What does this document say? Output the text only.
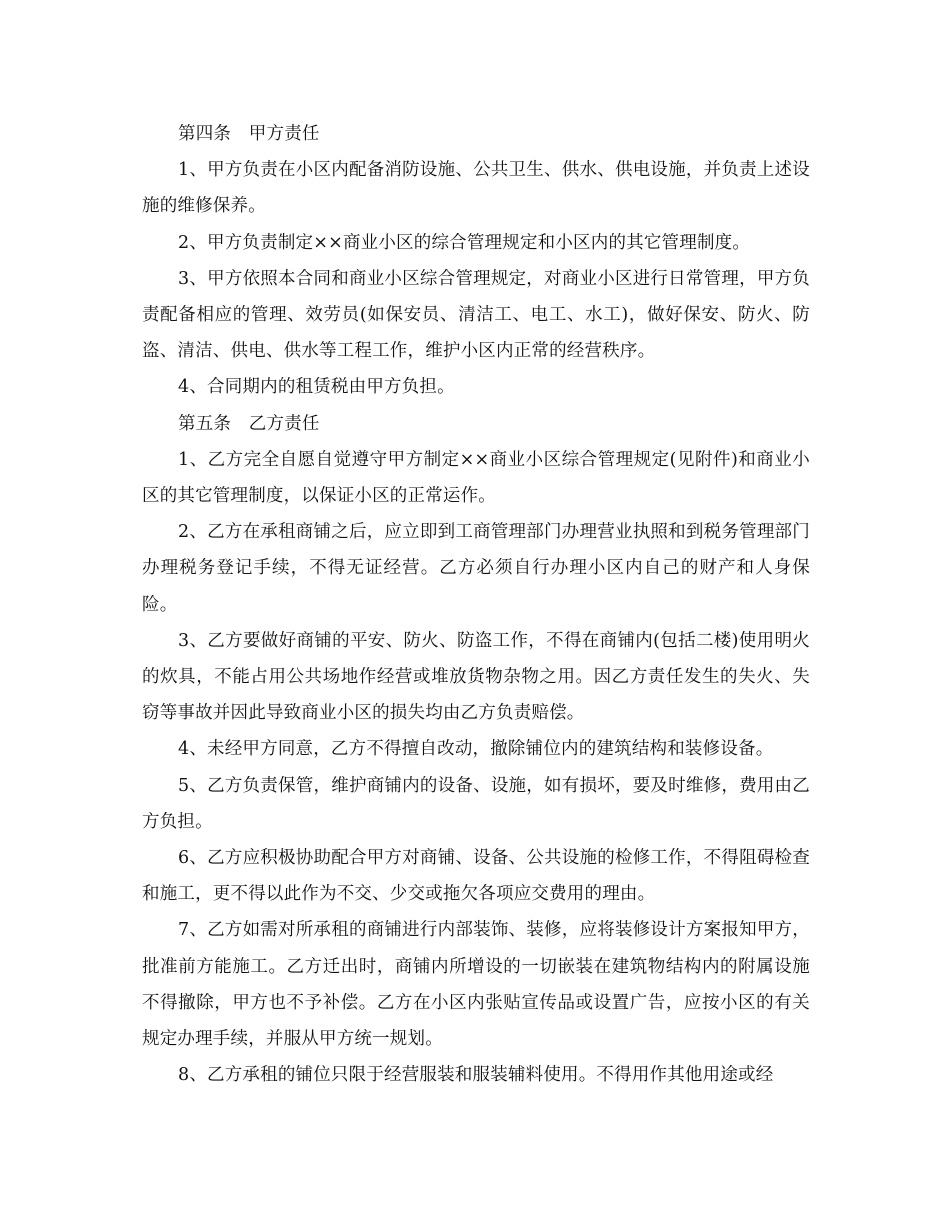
第四条　甲方责任

1、甲方负责在小区内配备消防设施、公共卫生、供水、供电设施，并负责上述设施的维修保养。

2、甲方负责制定××商业小区的综合管理规定和小区内的其它管理制度。

3、甲方依照本合同和商业小区综合管理规定，对商业小区进行日常管理，甲方负责配备相应的管理、效劳员(如保安员、清洁工、电工、水工)，做好保安、防火、防盗、清洁、供电、供水等工程工作，维护小区内正常的经营秩序。

4、合同期内的租赁税由甲方负担。

第五条　乙方责任

1、乙方完全自愿自觉遵守甲方制定××商业小区综合管理规定(见附件)和商业小区的其它管理制度，以保证小区的正常运作。

2、乙方在承租商铺之后，应立即到工商管理部门办理营业执照和到税务管理部门办理税务登记手续，不得无证经营。乙方必须自行办理小区内自己的财产和人身保险。

3、乙方要做好商铺的平安、防火、防盗工作，不得在商铺内(包括二楼)使用明火的炊具，不能占用公共场地作经营或堆放货物杂物之用。因乙方责任发生的失火、失窃等事故并因此导致商业小区的损失均由乙方负责赔偿。

4、未经甲方同意，乙方不得擅自改动，撤除铺位内的建筑结构和装修设备。

5、乙方负责保管，维护商铺内的设备、设施，如有损坏，要及时维修，费用由乙方负担。

6、乙方应积极协助配合甲方对商铺、设备、公共设施的检修工作，不得阻碍检查和施工，更不得以此作为不交、少交或拖欠各项应交费用的理由。

7、乙方如需对所承租的商铺进行内部装饰、装修，应将装修设计方案报知甲方，批准前方能施工。乙方迁出时，商铺内所增设的一切嵌装在建筑物结构内的附属设施不得撤除，甲方也不予补偿。乙方在小区内张贴宣传品或设置广告，应按小区的有关规定办理手续，并服从甲方统一规划。

8、乙方承租的铺位只限于经营服装和服装辅料使用。不得用作其他用途或经
